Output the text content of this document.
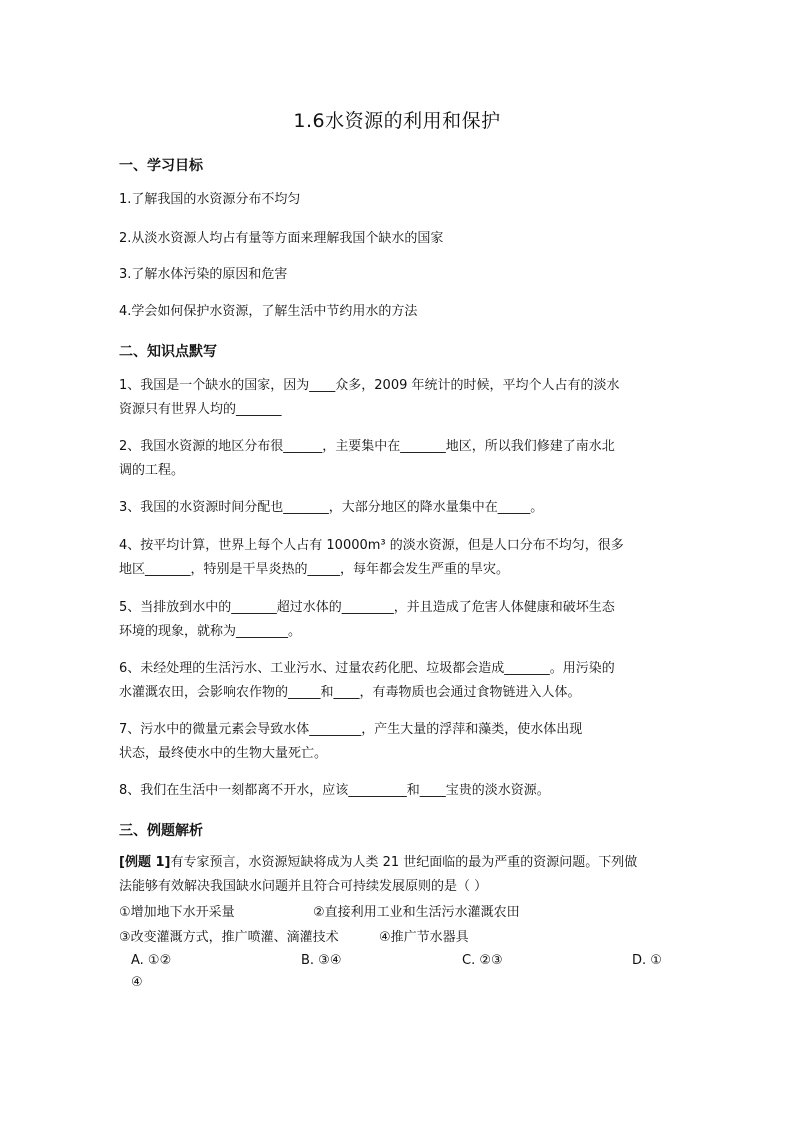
1.6水资源的利用和保护
一、学习目标
1.了解我国的水资源分布不均匀
2.从淡水资源人均占有量等方面来理解我国个缺水的国家
3.了解水体污染的原因和危害
4.学会如何保护水资源，了解生活中节约用水的方法
二、知识点默写
1、我国是一个缺水的国家，因为____众多，2009 年统计的时候，平均个人占有的淡水
资源只有世界人均的_______
2、我国水资源的地区分布很______，主要集中在_______地区，所以我们修建了南水北
调的工程。
3、我国的水资源时间分配也_______，大部分地区的降水量集中在_____。
4、按平均计算，世界上每个人占有 10000m³ 的淡水资源，但是人口分布不均匀，很多
地区_______，特别是干旱炎热的_____，每年都会发生严重的旱灾。
5、当排放到水中的_______超过水体的________，并且造成了危害人体健康和破坏生态
环境的现象，就称为________。
6、未经处理的生活污水、工业污水、过量农药化肥、垃圾都会造成_______。用污染的
水灌溉农田，会影响农作物的_____和____，有毒物质也会通过食物链进入人体。
7、污水中的微量元素会导致水体________，产生大量的浮萍和藻类，使水体出现
状态，最终使水中的生物大量死亡。
8、我们在生活中一刻都离不开水，应该_________和____宝贵的淡水资源。
三、例题解析
[例题 1]有专家预言，水资源短缺将成为人类 21 世纪面临的最为严重的资源问题。下列做
法能够有效解决我国缺水问题并且符合可持续发展原则的是（ ）
①增加地下水开采量	②直接利用工业和生活污水灌溉农田
③改变灌溉方式，推广喷灌、滴灌技术	④推广节水器具
A. ①②	B. ③④	C. ②③	D. ①
④
